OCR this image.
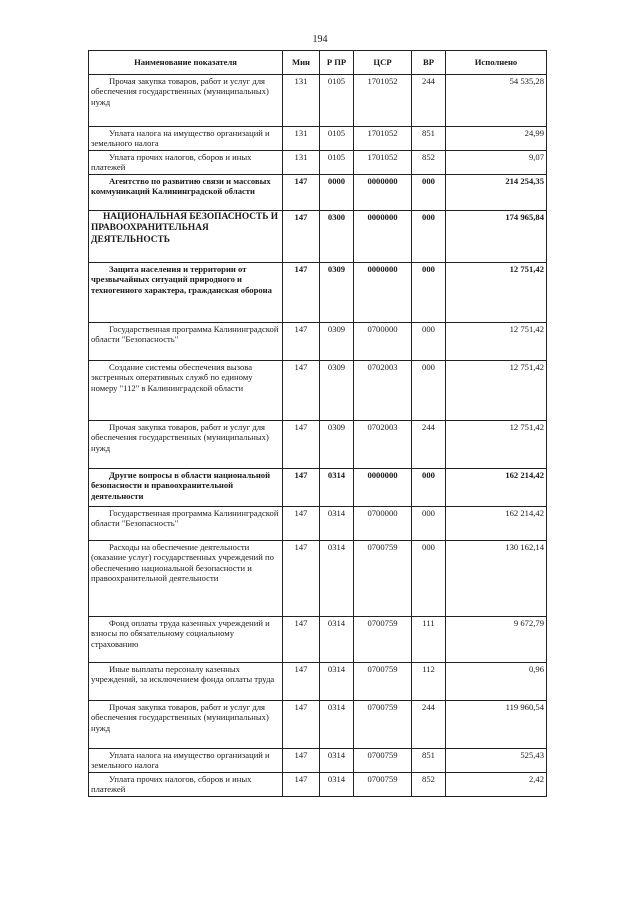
194
Наименование показателя	Мин	Р ПР	ЦСР	ВР	Исполнено
Прочая закупка товаров, работ и услуг для обеспечения государственных (муниципальных) нужд	131	0105	1701052	244	54 535,28
Уплата налога на имущество организаций и земельного налога	131	0105	1701052	851	24,99
Уплата прочих налогов, сборов и иных платежей	131	0105	1701052	852	9,07
Агентство по развитию связи и массовых коммуникаций Калининградской области	147	0000	0000000	000	214 254,35
НАЦИОНАЛЬНАЯ БЕЗОПАСНОСТЬ И ПРАВООХРАНИТЕЛЬНАЯ ДЕЯТЕЛЬНОСТЬ	147	0300	0000000	000	174 965,84
Защита населения и территории от чрезвычайных ситуаций природного и техногенного характера, гражданская оборона	147	0309	0000000	000	12 751,42
Государственная программа Калининградской области "Безопасность"	147	0309	0700000	000	12 751,42
Создание системы обеспечения вызова экстренных оперативных служб по единому номеру "112" в Калининградской области	147	0309	0702003	000	12 751,42
Прочая закупка товаров, работ и услуг для обеспечения государственных (муниципальных) нужд	147	0309	0702003	244	12 751,42
Другие вопросы в области национальной безопасности и правоохранительной деятельности	147	0314	0000000	000	162 214,42
Государственная программа Калининградской области "Безопасность"	147	0314	0700000	000	162 214,42
Расходы на обеспечение деятельности (оказание услуг) государственных учреждений по обеспечению национальной безопасности и правоохранительной деятельности	147	0314	0700759	000	130 162,14
Фонд оплаты труда казенных учреждений и взносы по обязательному социальному страхованию	147	0314	0700759	111	9 672,79
Иные выплаты персоналу казенных учреждений, за исключением фонда оплаты труда	147	0314	0700759	112	0,96
Прочая закупка товаров, работ и услуг для обеспечения государственных (муниципальных) нужд	147	0314	0700759	244	119 960,54
Уплата налога на имущество организаций и земельного налога	147	0314	0700759	851	525,43
Уплата прочих налогов, сборов и иных платежей	147	0314	0700759	852	2,42
